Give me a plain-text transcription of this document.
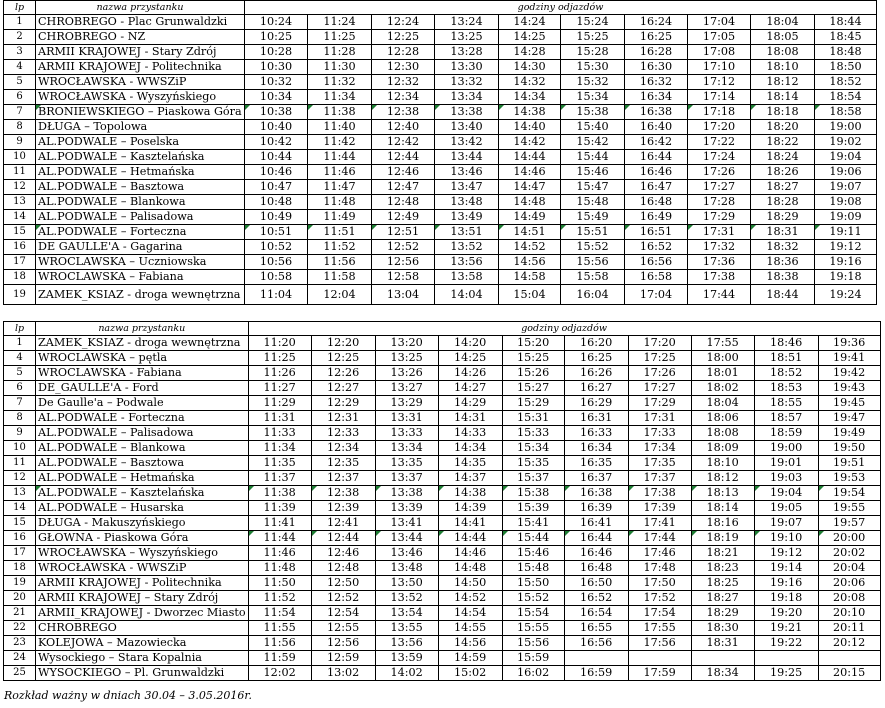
lp	nazwa przystanku	godziny odjazdów									
1	CHROBREGO - Plac Grunwaldzki	10:24	11:24	12:24	13:24	14:24	15:24	16:24	17:04	18:04	18:44
2	CHROBREGO - NZ	10:25	11:25	12:25	13:25	14:25	15:25	16:25	17:05	18:05	18:45
3	ARMII KRAJOWEJ - Stary Zdrój	10:28	11:28	12:28	13:28	14:28	15:28	16:28	17:08	18:08	18:48
4	ARMII KRAJOWEJ - Politechnika	10:30	11:30	12:30	13:30	14:30	15:30	16:30	17:10	18:10	18:50
5	WROCŁAWSKA - WWSZiP	10:32	11:32	12:32	13:32	14:32	15:32	16:32	17:12	18:12	18:52
6	WROCŁAWSKA - Wyszyńskiego	10:34	11:34	12:34	13:34	14:34	15:34	16:34	17:14	18:14	18:54
7	BRONIEWSKIEGO – Piaskowa Góra	10:38	11:38	12:38	13:38	14:38	15:38	16:38	17:18	18:18	18:58
8	DŁUGA – Topolowa	10:40	11:40	12:40	13:40	14:40	15:40	16:40	17:20	18:20	19:00
9	AL.PODWALE – Poselska	10:42	11:42	12:42	13:42	14:42	15:42	16:42	17:22	18:22	19:02
10	AL.PODWALE – Kasztelańska	10:44	11:44	12:44	13:44	14:44	15:44	16:44	17:24	18:24	19:04
11	AL.PODWALE – Hetmańska	10:46	11:46	12:46	13:46	14:46	15:46	16:46	17:26	18:26	19:06
12	AL.PODWALE – Basztowa	10:47	11:47	12:47	13:47	14:47	15:47	16:47	17:27	18:27	19:07
13	AL.PODWALE – Blankowa	10:48	11:48	12:48	13:48	14:48	15:48	16:48	17:28	18:28	19:08
14	AL.PODWALE – Palisadowa	10:49	11:49	12:49	13:49	14:49	15:49	16:49	17:29	18:29	19:09
15	AL.PODWALE – Forteczna	10:51	11:51	12:51	13:51	14:51	15:51	16:51	17:31	18:31	19:11
16	DE GAULLE'A - Gagarina	10:52	11:52	12:52	13:52	14:52	15:52	16:52	17:32	18:32	19:12
17	WROCLAWSKA – Uczniowska	10:56	11:56	12:56	13:56	14:56	15:56	16:56	17:36	18:36	19:16
18	WROCLAWSKA – Fabiana	10:58	11:58	12:58	13:58	14:58	15:58	16:58	17:38	18:38	19:18
19	ZAMEK_KSIAZ - droga wewnętrzna	11:04	12:04	13:04	14:04	15:04	16:04	17:04	17:44	18:44	19:24
lp	nazwa przystanku	godziny odjazdów									
1	ZAMEK_KSIAZ - droga wewnętrzna	11:20	12:20	13:20	14:20	15:20	16:20	17:20	17:55	18:46	19:36
4	WROCLAWSKA – pętla	11:25	12:25	13:25	14:25	15:25	16:25	17:25	18:00	18:51	19:41
5	WROCLAWSKA - Fabiana	11:26	12:26	13:26	14:26	15:26	16:26	17:26	18:01	18:52	19:42
6	DE_GAULLE'A - Ford	11:27	12:27	13:27	14:27	15:27	16:27	17:27	18:02	18:53	19:43
7	De Gaulle'a – Podwale	11:29	12:29	13:29	14:29	15:29	16:29	17:29	18:04	18:55	19:45
8	AL.PODWALE - Forteczna	11:31	12:31	13:31	14:31	15:31	16:31	17:31	18:06	18:57	19:47
9	AL.PODWALE – Palisadowa	11:33	12:33	13:33	14:33	15:33	16:33	17:33	18:08	18:59	19:49
10	AL.PODWALE – Blankowa	11:34	12:34	13:34	14:34	15:34	16:34	17:34	18:09	19:00	19:50
11	AL.PODWALE – Basztowa	11:35	12:35	13:35	14:35	15:35	16:35	17:35	18:10	19:01	19:51
12	AL.PODWALE – Hetmańska	11:37	12:37	13:37	14:37	15:37	16:37	17:37	18:12	19:03	19:53
13	AL.PODWALE – Kasztelańska	11:38	12:38	13:38	14:38	15:38	16:38	17:38	18:13	19:04	19:54
14	AL.PODWALE – Husarska	11:39	12:39	13:39	14:39	15:39	16:39	17:39	18:14	19:05	19:55
15	DŁUGA - Makuszyńskiego	11:41	12:41	13:41	14:41	15:41	16:41	17:41	18:16	19:07	19:57
16	GŁOWNA - Piaskowa Góra	11:44	12:44	13:44	14:44	15:44	16:44	17:44	18:19	19:10	20:00
17	WROCŁAWSKA – Wyszyńskiego	11:46	12:46	13:46	14:46	15:46	16:46	17:46	18:21	19:12	20:02
18	WROCŁAWSKA - WWSZiP	11:48	12:48	13:48	14:48	15:48	16:48	17:48	18:23	19:14	20:04
19	ARMII KRAJOWEJ - Politechnika	11:50	12:50	13:50	14:50	15:50	16:50	17:50	18:25	19:16	20:06
20	ARMII KRAJOWEJ – Stary Zdrój	11:52	12:52	13:52	14:52	15:52	16:52	17:52	18:27	19:18	20:08
21	ARMII_KRAJOWEJ - Dworzec Miasto	11:54	12:54	13:54	14:54	15:54	16:54	17:54	18:29	19:20	20:10
22	CHROBREGO	11:55	12:55	13:55	14:55	15:55	16:55	17:55	18:30	19:21	20:11
23	KOLEJOWA – Mazowiecka	11:56	12:56	13:56	14:56	15:56	16:56	17:56	18:31	19:22	20:12
24	Wysockiego – Stara Kopalnia	11:59	12:59	13:59	14:59	15:59					
25	WYSOCKIEGO – Pl. Grunwaldzki	12:02	13:02	14:02	15:02	16:02	16:59	17:59	18:34	19:25	20:15
Rozkład ważny w dniach 30.04 – 3.05.2016r.
